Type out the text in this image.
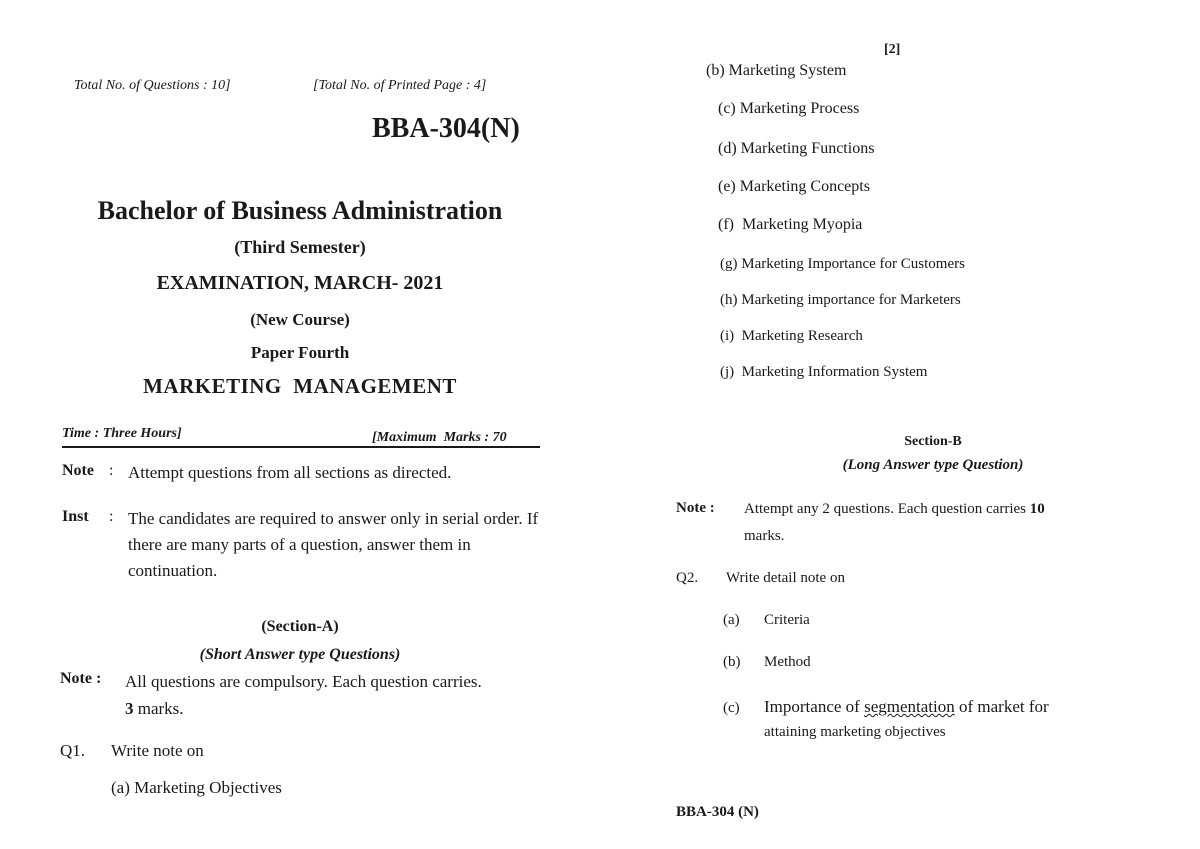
Total No. of Questions : 10]	[Total No. of Printed Page : 4]
BBA-304(N)
Bachelor of Business Administration
(Third Semester)
EXAMINATION, MARCH- 2021
(New Course)
Paper Fourth
MARKETING  MANAGEMENT
Time : Three Hours]	[Maximum  Marks : 70
Note : Attempt questions from all sections as directed.
Inst : The candidates are required to answer only in serial order. If there are many parts of a question, answer them in continuation.
(Section-A)
(Short Answer type Questions)
Note : All questions are compulsory. Each question carries.
3 marks.
Q1. Write note on
(a) Marketing Objectives
[2]
(b) Marketing System
(c) Marketing Process
(d) Marketing Functions
(e) Marketing Concepts
(f)  Marketing Myopia
(g) Marketing Importance for Customers
(h) Marketing importance for Marketers
(i)  Marketing Research
(j)  Marketing Information System
Section-B
(Long Answer type Question)
Note : Attempt any 2 questions. Each question carries 10
marks.
Q2. Write detail note on
(a) Criteria
(b) Method
(c) Importance of segmentation of market for
attaining marketing objectives
BBA-304 (N)
